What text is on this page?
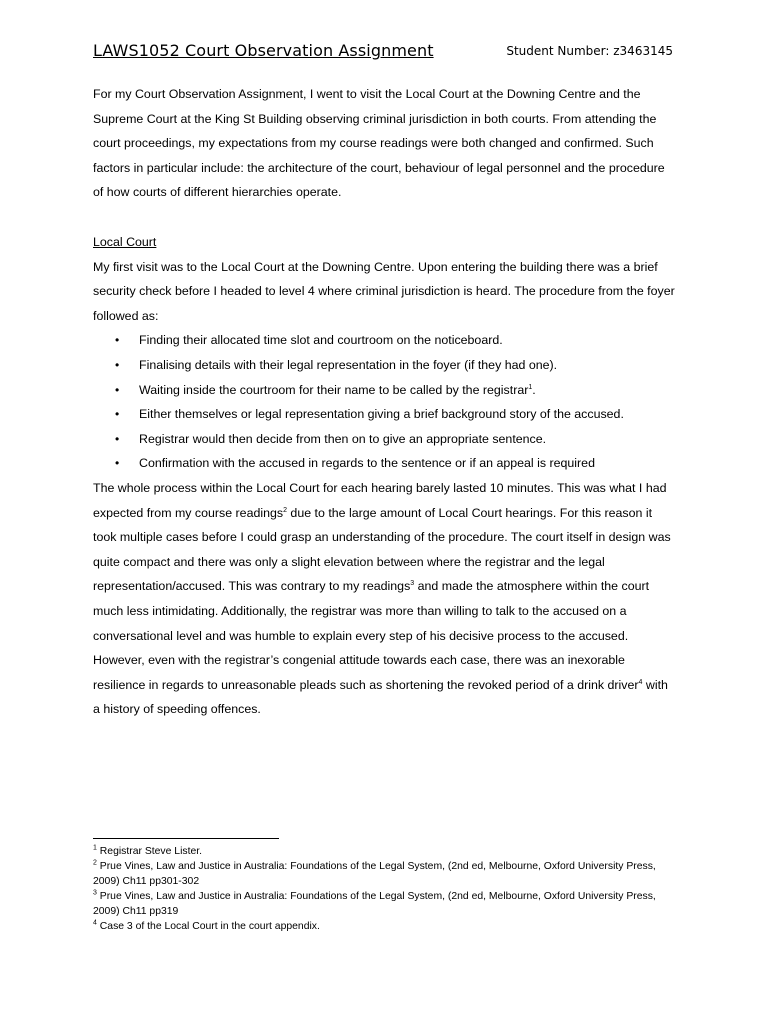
LAWS1052 Court Observation Assignment	Student Number: z3463145

For my Court Observation Assignment, I went to visit the Local Court at the Downing Centre and the Supreme Court at the King St Building observing criminal jurisdiction in both courts. From attending the court proceedings, my expectations from my course readings were both changed and confirmed. Such factors in particular include: the architecture of the court, behaviour of legal personnel and the procedure of how courts of different hierarchies operate.

Local Court

My first visit was to the Local Court at the Downing Centre. Upon entering the building there was a brief security check before I headed to level 4 where criminal jurisdiction is heard. The procedure from the foyer followed as:

• Finding their allocated time slot and courtroom on the noticeboard.
• Finalising details with their legal representation in the foyer (if they had one).
• Waiting inside the courtroom for their name to be called by the registrar$^1$.
• Either themselves or legal representation giving a brief background story of the accused.
• Registrar would then decide from then on to give an appropriate sentence.
• Confirmation with the accused in regards to the sentence or if an appeal is required

The whole process within the Local Court for each hearing barely lasted 10 minutes. This was what I had expected from my course readings$^2$ due to the large amount of Local Court hearings. For this reason it took multiple cases before I could grasp an understanding of the procedure. The court itself in design was quite compact and there was only a slight elevation between where the registrar and the legal representation/accused. This was contrary to my readings$^3$ and made the atmosphere within the court much less intimidating. Additionally, the registrar was more than willing to talk to the accused on a conversational level and was humble to explain every step of his decisive process to the accused. However, even with the registrar’s congenial attitude towards each case, there was an inexorable resilience in regards to unreasonable pleads such as shortening the revoked period of a drink driver$^4$ with a history of speeding offences.

$^1$ Registrar Steve Lister.

$^2$ Prue Vines, Law and Justice in Australia: Foundations of the Legal System, (2nd ed, Melbourne, Oxford University Press, 2009) Ch11 pp301-302

$^3$ Prue Vines, Law and Justice in Australia: Foundations of the Legal System, (2nd ed, Melbourne, Oxford University Press, 2009) Ch11 pp319

$^4$ Case 3 of the Local Court in the court appendix.
